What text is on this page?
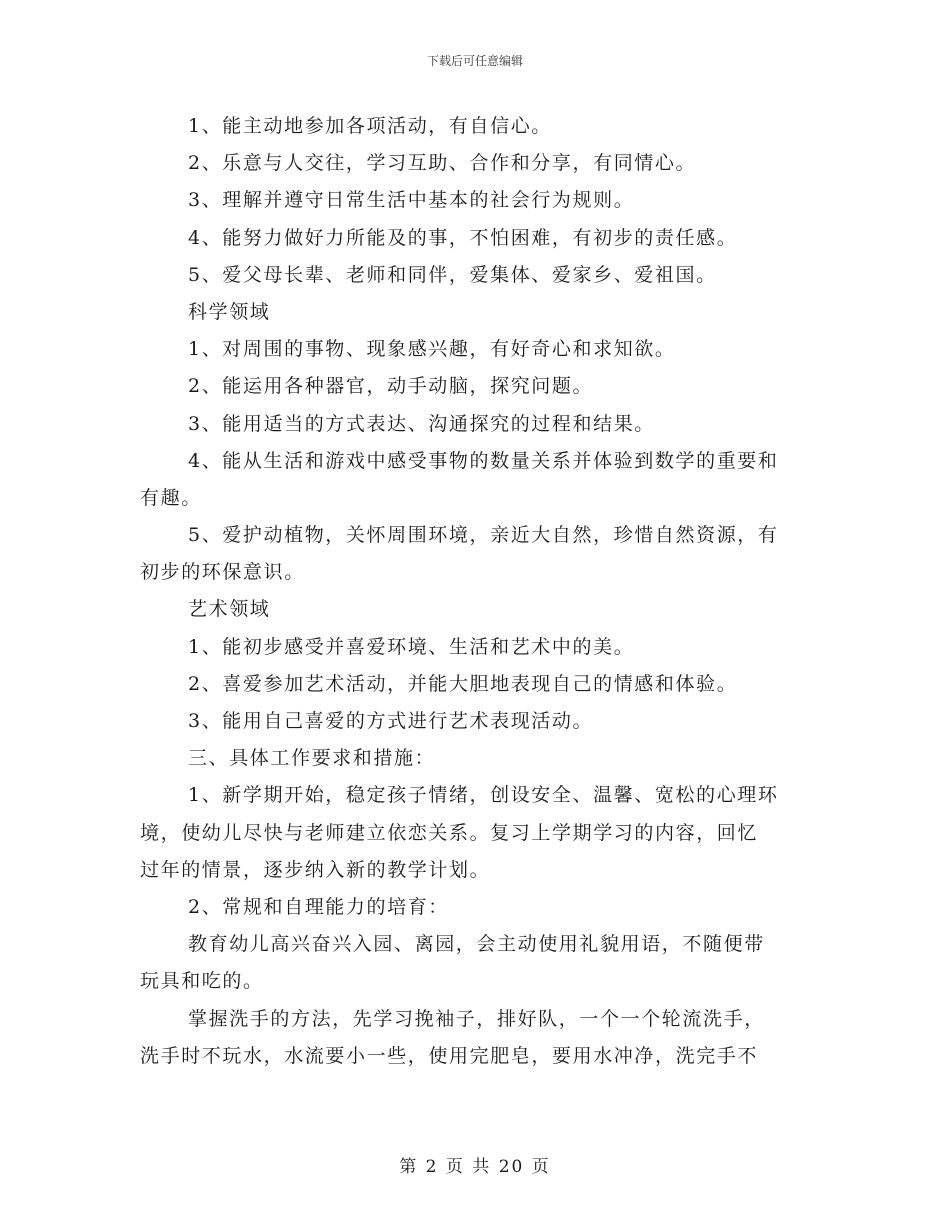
下载后可任意编辑
1、能主动地参加各项活动，有自信心。
2、乐意与人交往，学习互助、合作和分享，有同情心。
3、理解并遵守日常生活中基本的社会行为规则。
4、能努力做好力所能及的事，不怕困难，有初步的责任感。
5、爱父母长辈、老师和同伴，爱集体、爱家乡、爱祖国。
科学领域
1、对周围的事物、现象感兴趣，有好奇心和求知欲。
2、能运用各种器官，动手动脑，探究问题。
3、能用适当的方式表达、沟通探究的过程和结果。
4、能从生活和游戏中感受事物的数量关系并体验到数学的重要和
有趣。
5、爱护动植物，关怀周围环境，亲近大自然，珍惜自然资源，有
初步的环保意识。
艺术领域
1、能初步感受并喜爱环境、生活和艺术中的美。
2、喜爱参加艺术活动，并能大胆地表现自己的情感和体验。
3、能用自己喜爱的方式进行艺术表现活动。
三、具体工作要求和措施：
1、新学期开始，稳定孩子情绪，创设安全、温馨、宽松的心理环
境，使幼儿尽快与老师建立依恋关系。复习上学期学习的内容，回忆
过年的情景，逐步纳入新的教学计划。
2、常规和自理能力的培育：
教育幼儿高兴奋兴入园、离园，会主动使用礼貌用语，不随便带
玩具和吃的。
掌握洗手的方法，先学习挽袖子，排好队，一个一个轮流洗手，
洗手时不玩水，水流要小一些，使用完肥皂，要用水冲净，洗完手不
第 2 页 共 20 页
